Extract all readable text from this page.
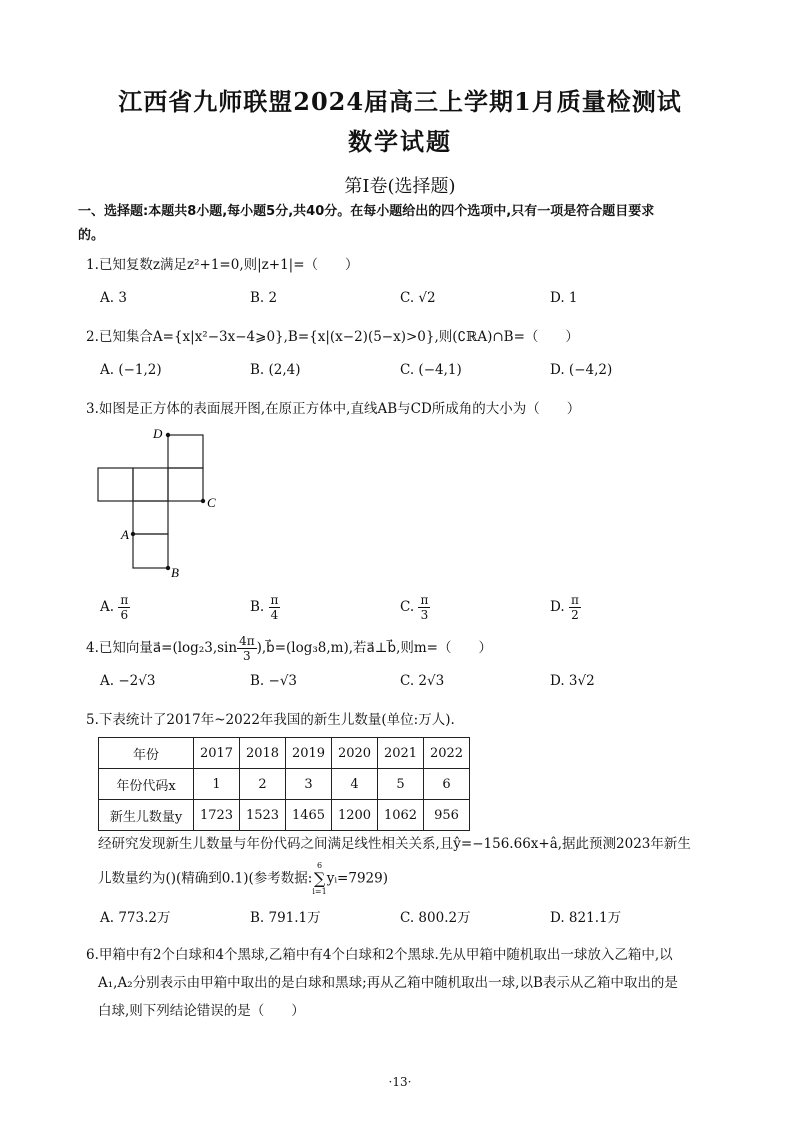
江西省九师联盟2024届高三上学期1月质量检测试
数学试题
第Ⅰ卷(选择题)
一、选择题:本题共8小题,每小题5分,共40分。在每小题给出的四个选项中,只有一项是符合题目要求
的。
1.已知复数z满足z²+1=0,则|z+1|=（　　）
A. 3	B. 2	C. √2	D. 1
2.已知集合A={x|x²−3x−4⩾0},B={x|(x−2)(5−x)>0},则(∁ℝA)∩B=（　　）
A. (−1,2)	B. (2,4)	C. (−4,1)	D. (−4,2)
3.如图是正方体的表面展开图,在原正方体中,直线AB与CD所成角的大小为（　　）
D
C
A
B
A. $\frac{\pi}{6}$	B. $\frac{\pi}{4}$	C. $\frac{\pi}{3}$	D. $\frac{\pi}{2}$
4.已知向量a⃗=(log₂3,sin $\frac{4\pi}{3}$ ),b⃗=(log₃8,m),若a⃗⊥b⃗,则m=（　　）
A. −2√3	B. −√3	C. 2√3	D. 3√2
5.下表统计了2017年~2022年我国的新生儿数量(单位:万人).
年份	2017	2018	2019	2020	2021	2022
年份代码x	1	2	3	4	5	6
新生儿数量y	1723	1523	1465	1200	1062	956
经研究发现新生儿数量与年份代码之间满足线性相关关系,且ŷ=−156.66x+â,据此预测2023年新生
儿数量约为()(精确到0.1)(参考数据:
6
∑
i=1
yᵢ=7929)
A. 773.2万	B. 791.1万	C. 800.2万	D. 821.1万
6.甲箱中有2个白球和4个黑球,乙箱中有4个白球和2个黑球.先从甲箱中随机取出一球放入乙箱中,以
A₁,A₂分别表示由甲箱中取出的是白球和黑球;再从乙箱中随机取出一球,以B表示从乙箱中取出的是
白球,则下列结论错误的是（　　）
·13·
